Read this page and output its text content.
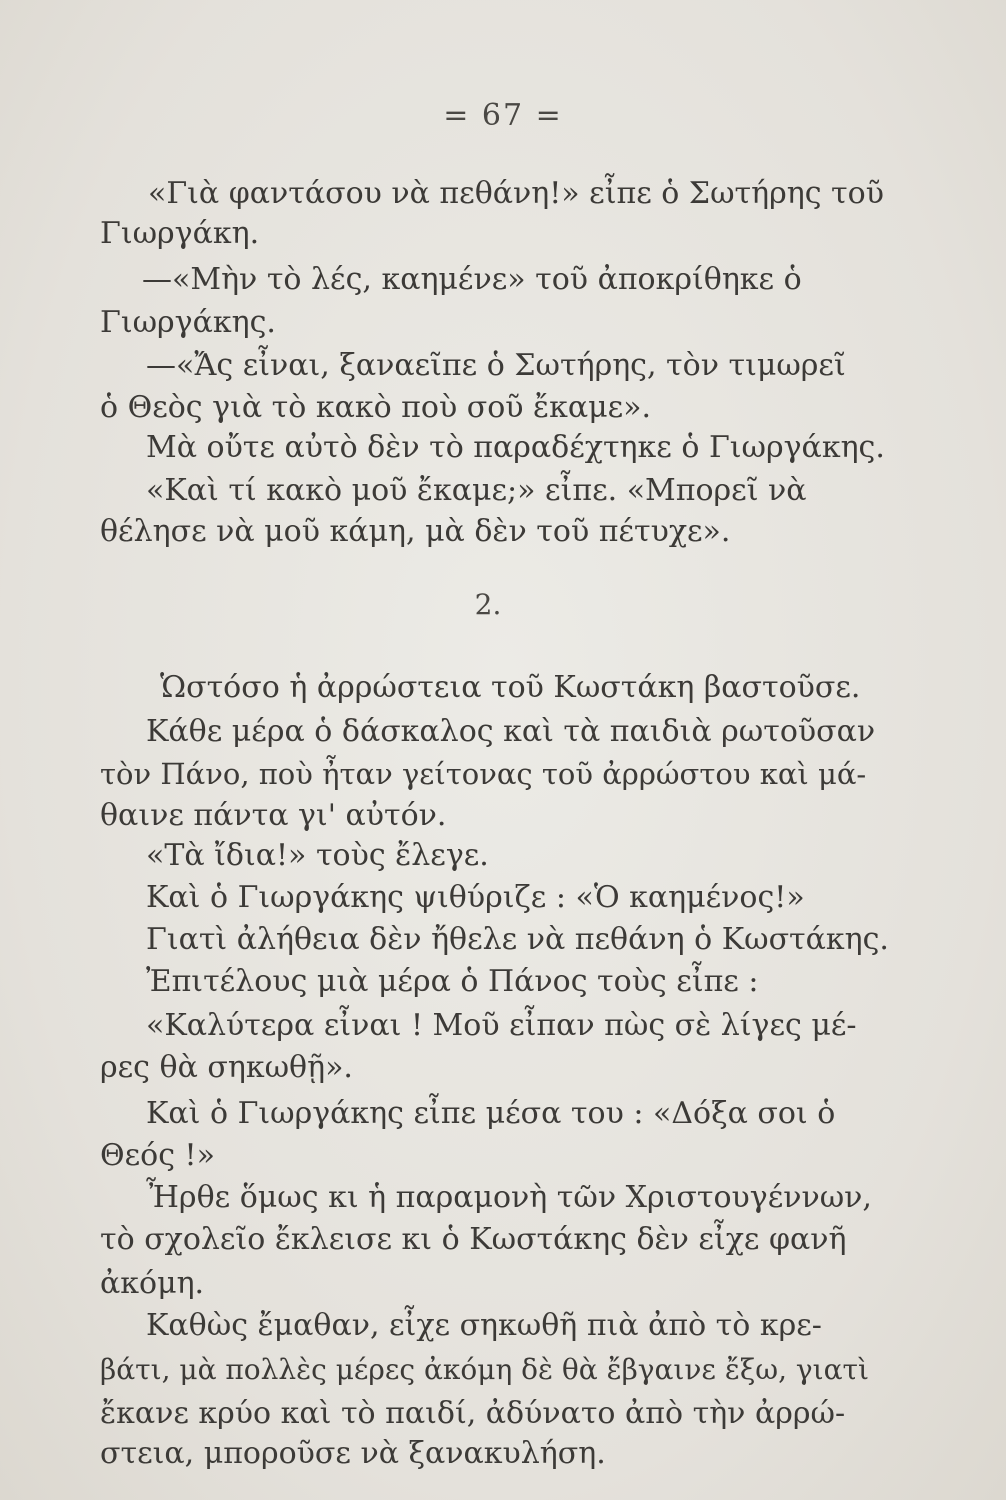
= 67 =
«Γιὰ φαντάσου νὰ πεθάνη!» εἶπε ὁ Σωτήρης τοῦ
Γιωργάκη.
—«Μὴν τὸ λές, καημένε» τοῦ ἀποκρίθηκε ὁ
Γιωργάκης.
—«Ἄς εἶναι, ξαναεῖπε ὁ Σωτήρης, τὸν τιμωρεῖ
ὁ Θεὸς γιὰ τὸ κακὸ ποὺ σοῦ ἔκαμε».
Μὰ οὔτε αὐτὸ δὲν τὸ παραδέχτηκε ὁ Γιωργάκης.
«Καὶ τί κακὸ μοῦ ἔκαμε;» εἶπε. «Μπορεῖ νὰ
θέλησε νὰ μοῦ κάμη, μὰ δὲν τοῦ πέτυχε».
2.
Ὡστόσο ἡ ἀρρώστεια τοῦ Κωστάκη βαστοῦσε.
Κάθε μέρα ὁ δάσκαλος καὶ τὰ παιδιὰ ρωτοῦσαν
τὸν Πάνο, ποὺ ἦταν γείτονας τοῦ ἀρρώστου καὶ μά-
θαινε πάντα γι' αὐτόν.
«Τὰ ἴδια!» τοὺς ἔλεγε.
Καὶ ὁ Γιωργάκης ψιθύριζε : «Ὁ καημένος!»
Γιατὶ ἀλήθεια δὲν ἤθελε νὰ πεθάνη ὁ Κωστάκης.
Ἐπιτέλους μιὰ μέρα ὁ Πάνος τοὺς εἶπε :
«Καλύτερα εἶναι ! Μοῦ εἶπαν πὼς σὲ λίγες μέ-
ρες θὰ σηκωθῇ».
Καὶ ὁ Γιωργάκης εἶπε μέσα του : «Δόξα σοι ὁ
Θεός !»
Ἦρθε ὅμως κι ἡ παραμονὴ τῶν Χριστουγέννων,
τὸ σχολεῖο ἔκλεισε κι ὁ Κωστάκης δὲν εἶχε φανῆ
ἀκόμη.
Καθὼς ἔμαθαν, εἶχε σηκωθῆ πιὰ ἀπὸ τὸ κρε-
βάτι, μὰ πολλὲς μέρες ἀκόμη δὲ θὰ ἔβγαινε ἔξω, γιατὶ
ἔκανε κρύο καὶ τὸ παιδί, ἀδύνατο ἀπὸ τὴν ἀρρώ-
στεια, μποροῦσε νὰ ξανακυλήση.
